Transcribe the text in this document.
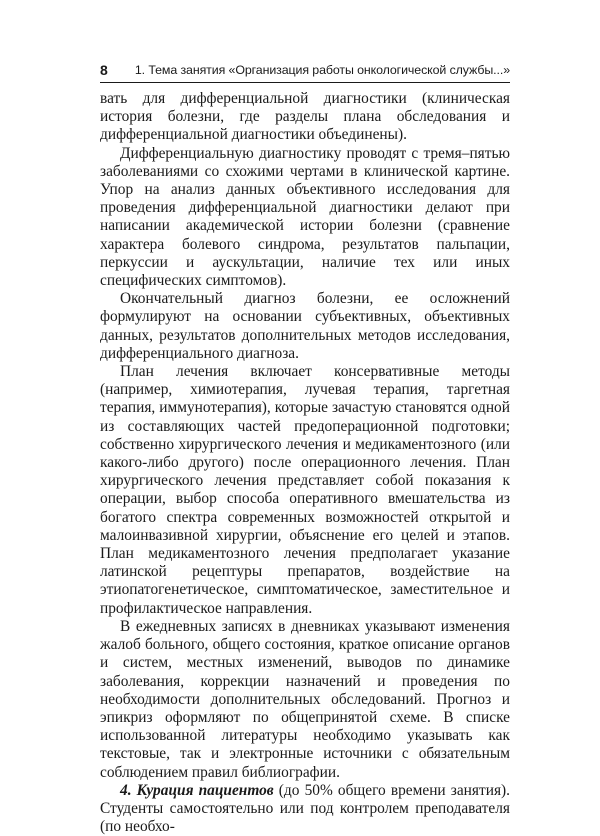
8 1. Тема занятия «Организация работы онкологической службы...»

вать для дифференциальной диагностики (клиническая история болезни, где разделы плана обследования и дифференциальной диагностики объединены).

Дифференциальную диагностику проводят с тремя–пятью заболеваниями со схожими чертами в клинической картине. Упор на анализ данных объективного исследования для проведения дифференциальной диагностики делают при написании академической истории болезни (сравнение характера болевого синдрома, результатов пальпации, перкуссии и аускультации, наличие тех или иных специфических симптомов).

Окончательный диагноз болезни, ее осложнений формулируют на основании субъективных, объективных данных, результатов дополнительных методов исследования, дифференциального диагноза.

План лечения включает консервативные методы (например, химиотерапия, лучевая терапия, таргетная терапия, иммунотерапия), которые зачастую становятся одной из составляющих частей предоперационной подготовки; собственно хирургического лечения и медикаментозного (или какого-либо другого) после операционного лечения. План хирургического лечения представляет собой показания к операции, выбор способа оперативного вмешательства из богатого спектра современных возможностей открытой и малоинвазивной хирургии, объяснение его целей и этапов. План медикаментозного лечения предполагает указание латинской рецептуры препаратов, воздействие на этиопатогенетическое, симптоматическое, заместительное и профилактическое направления.

В ежедневных записях в дневниках указывают изменения жалоб больного, общего состояния, краткое описание органов и систем, местных изменений, выводов по динамике заболевания, коррекции назначений и проведения по необходимости дополнительных обследований. Прогноз и эпикриз оформляют по общепринятой схеме. В списке использованной литературы необходимо указывать как текстовые, так и электронные источники с обязательным соблюдением правил библиографии.

4. Курация пациентов (до 50% общего времени занятия). Студенты самостоятельно или под контролем преподавателя (по необхо-
